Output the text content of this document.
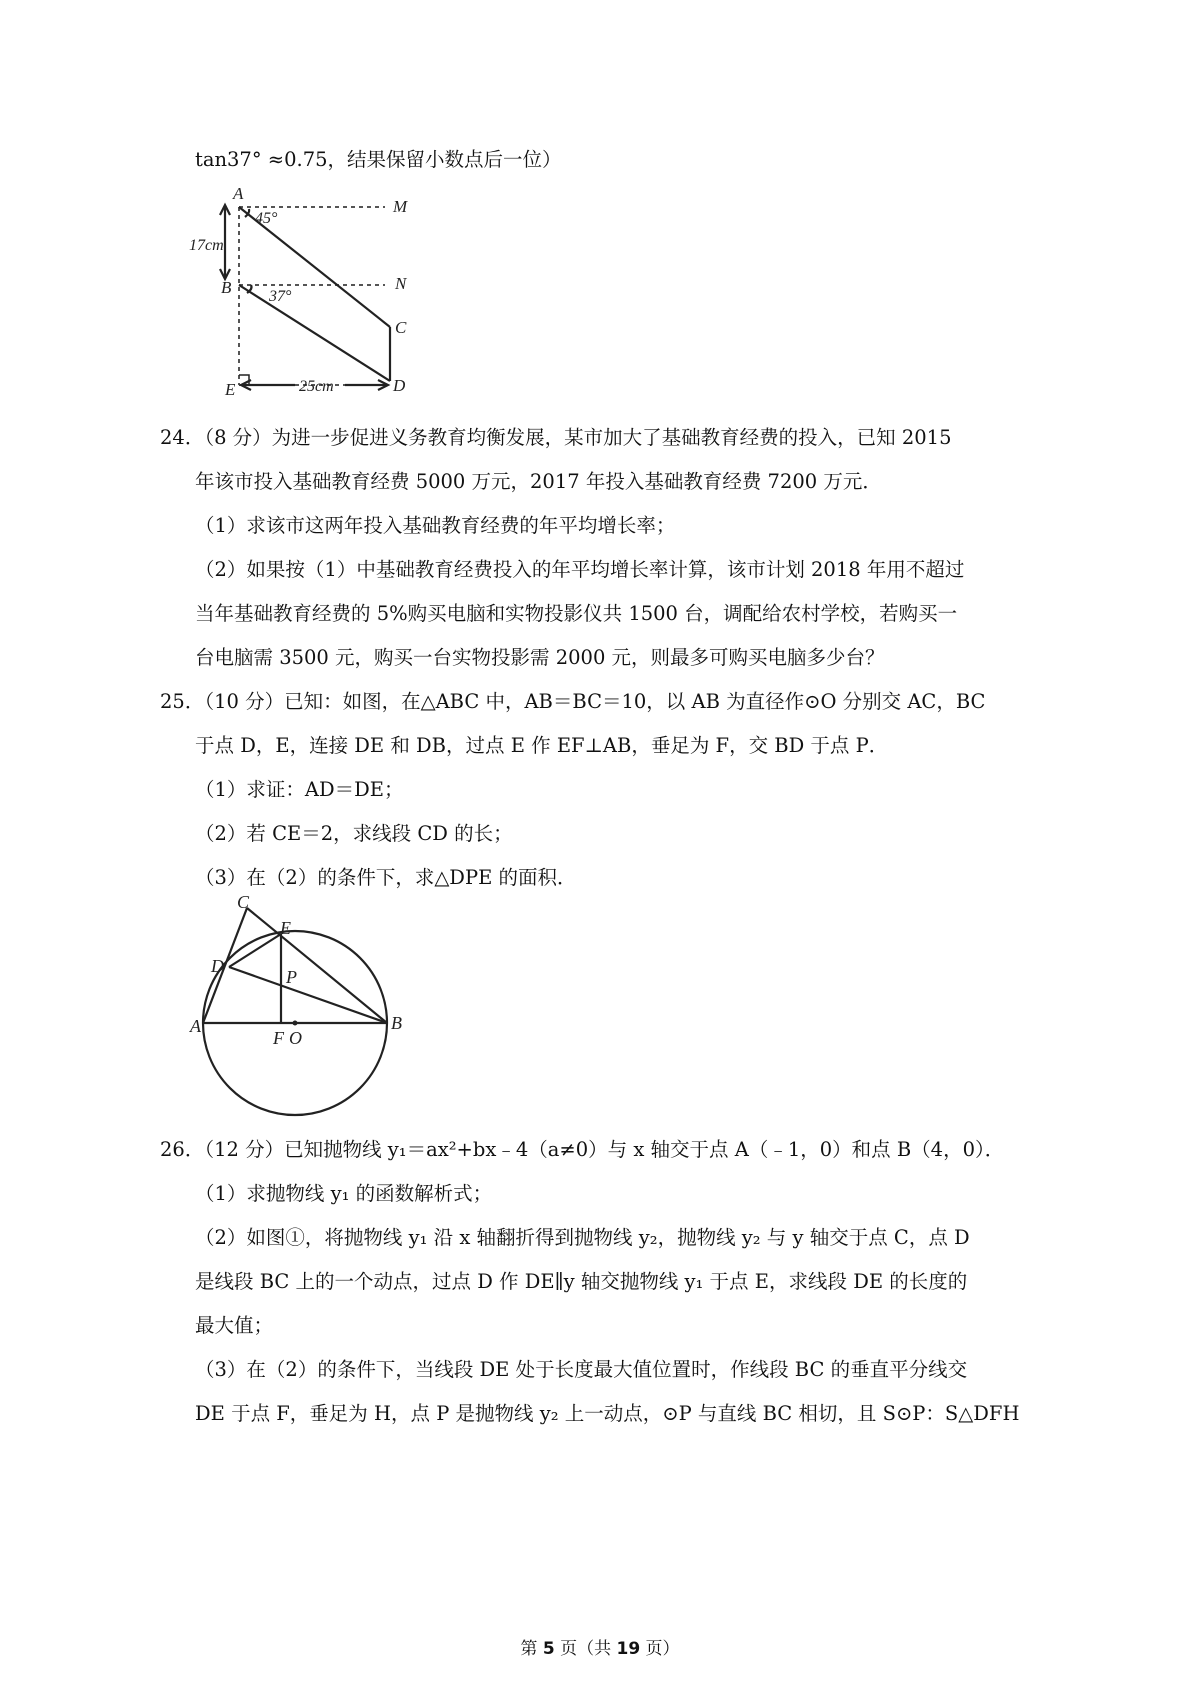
tan37° ≈0.75，结果保留小数点后一位）
A
M
B	N
C
D
E
45°
37°
17cm
25cm
24．（8 分）为进一步促进义务教育均衡发展，某市加大了基础教育经费的投入，已知 2015
年该市投入基础教育经费 5000 万元，2017 年投入基础教育经费 7200 万元．
（1）求该市这两年投入基础教育经费的年平均增长率；
（2）如果按（1）中基础教育经费投入的年平均增长率计算，该市计划 2018 年用不超过
当年基础教育经费的 5%购买电脑和实物投影仪共 1500 台，调配给农村学校，若购买一
台电脑需 3500 元，购买一台实物投影需 2000 元，则最多可购买电脑多少台？
25．（10 分）已知：如图，在△ABC 中，AB＝BC＝10，以 AB 为直径作⊙O 分别交 AC，BC
于点 D，E，连接 DE 和 DB，过点 E 作 EF⊥AB，垂足为 F，交 BD 于点 P．
（1）求证：AD＝DE；
（2）若 CE＝2，求线段 CD 的长；
（3）在（2）的条件下，求△DPE 的面积．
C
E
D
P
A	B
F O
26．（12 分）已知抛物线 y₁＝ax²+bx﹣4（a≠0）与 x 轴交于点 A（﹣1，0）和点 B（4，0）．
（1）求抛物线 y₁ 的函数解析式；
（2）如图①，将抛物线 y₁ 沿 x 轴翻折得到抛物线 y₂，抛物线 y₂ 与 y 轴交于点 C，点 D
是线段 BC 上的一个动点，过点 D 作 DE∥y 轴交抛物线 y₁ 于点 E，求线段 DE 的长度的
最大值；
（3）在（2）的条件下，当线段 DE 处于长度最大值位置时，作线段 BC 的垂直平分线交
DE 于点 F，垂足为 H，点 P 是抛物线 y₂ 上一动点，⊙P 与直线 BC 相切，且 S⊙P：S△DFH
第 5 页（共 19 页）
